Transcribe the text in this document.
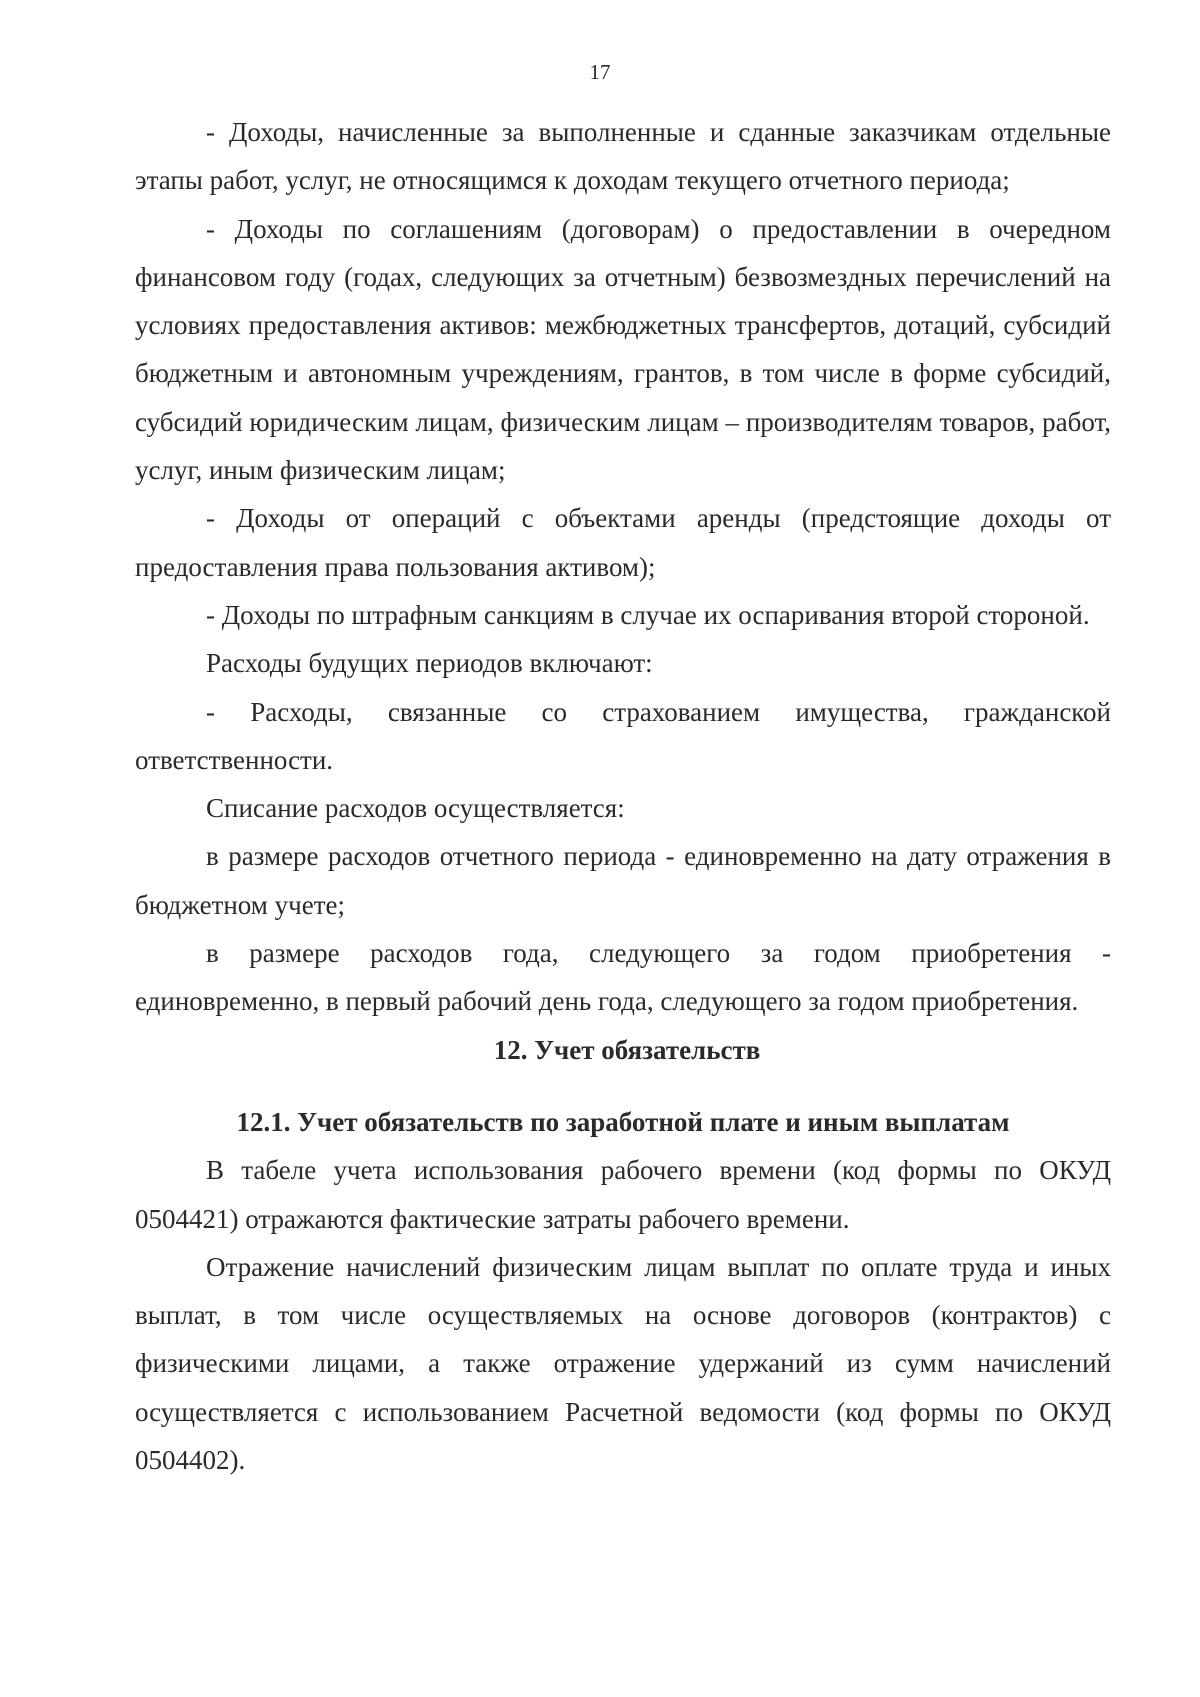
17

- Доходы, начисленные за выполненные и сданные заказчикам отдельные этапы работ, услуг, не относящимся к доходам текущего отчетного периода;

- Доходы по соглашениям (договорам) о предоставлении в очередном финансовом году (годах, следующих за отчетным) безвозмездных перечислений на условиях предоставления активов: межбюджетных трансфертов, дотаций, субсидий бюджетным и автономным учреждениям, грантов, в том числе в форме субсидий, субсидий юридическим лицам, физическим лицам – производителям товаров, работ, услуг, иным физическим лицам;

- Доходы от операций с объектами аренды (предстоящие доходы от предоставления права пользования активом);

- Доходы по штрафным санкциям в случае их оспаривания второй стороной.

Расходы будущих периодов включают:

- Расходы, связанные со страхованием имущества, гражданской ответственности.

Списание расходов осуществляется:

в размере расходов отчетного периода - единовременно на дату отражения в бюджетном учете;

в размере расходов года, следующего за годом приобретения - единовременно, в первый рабочий день года, следующего за годом приобретения.

12. Учет обязательств
12.1. Учет обязательств по заработной плате и иным выплатам

В табеле учета использования рабочего времени (код формы по ОКУД 0504421) отражаются фактические затраты рабочего времени.

Отражение начислений физическим лицам выплат по оплате труда и иных выплат, в том числе осуществляемых на основе договоров (контрактов) с физическими лицами, а также отражение удержаний из сумм начислений осуществляется с использованием Расчетной ведомости (код формы по ОКУД 0504402).
